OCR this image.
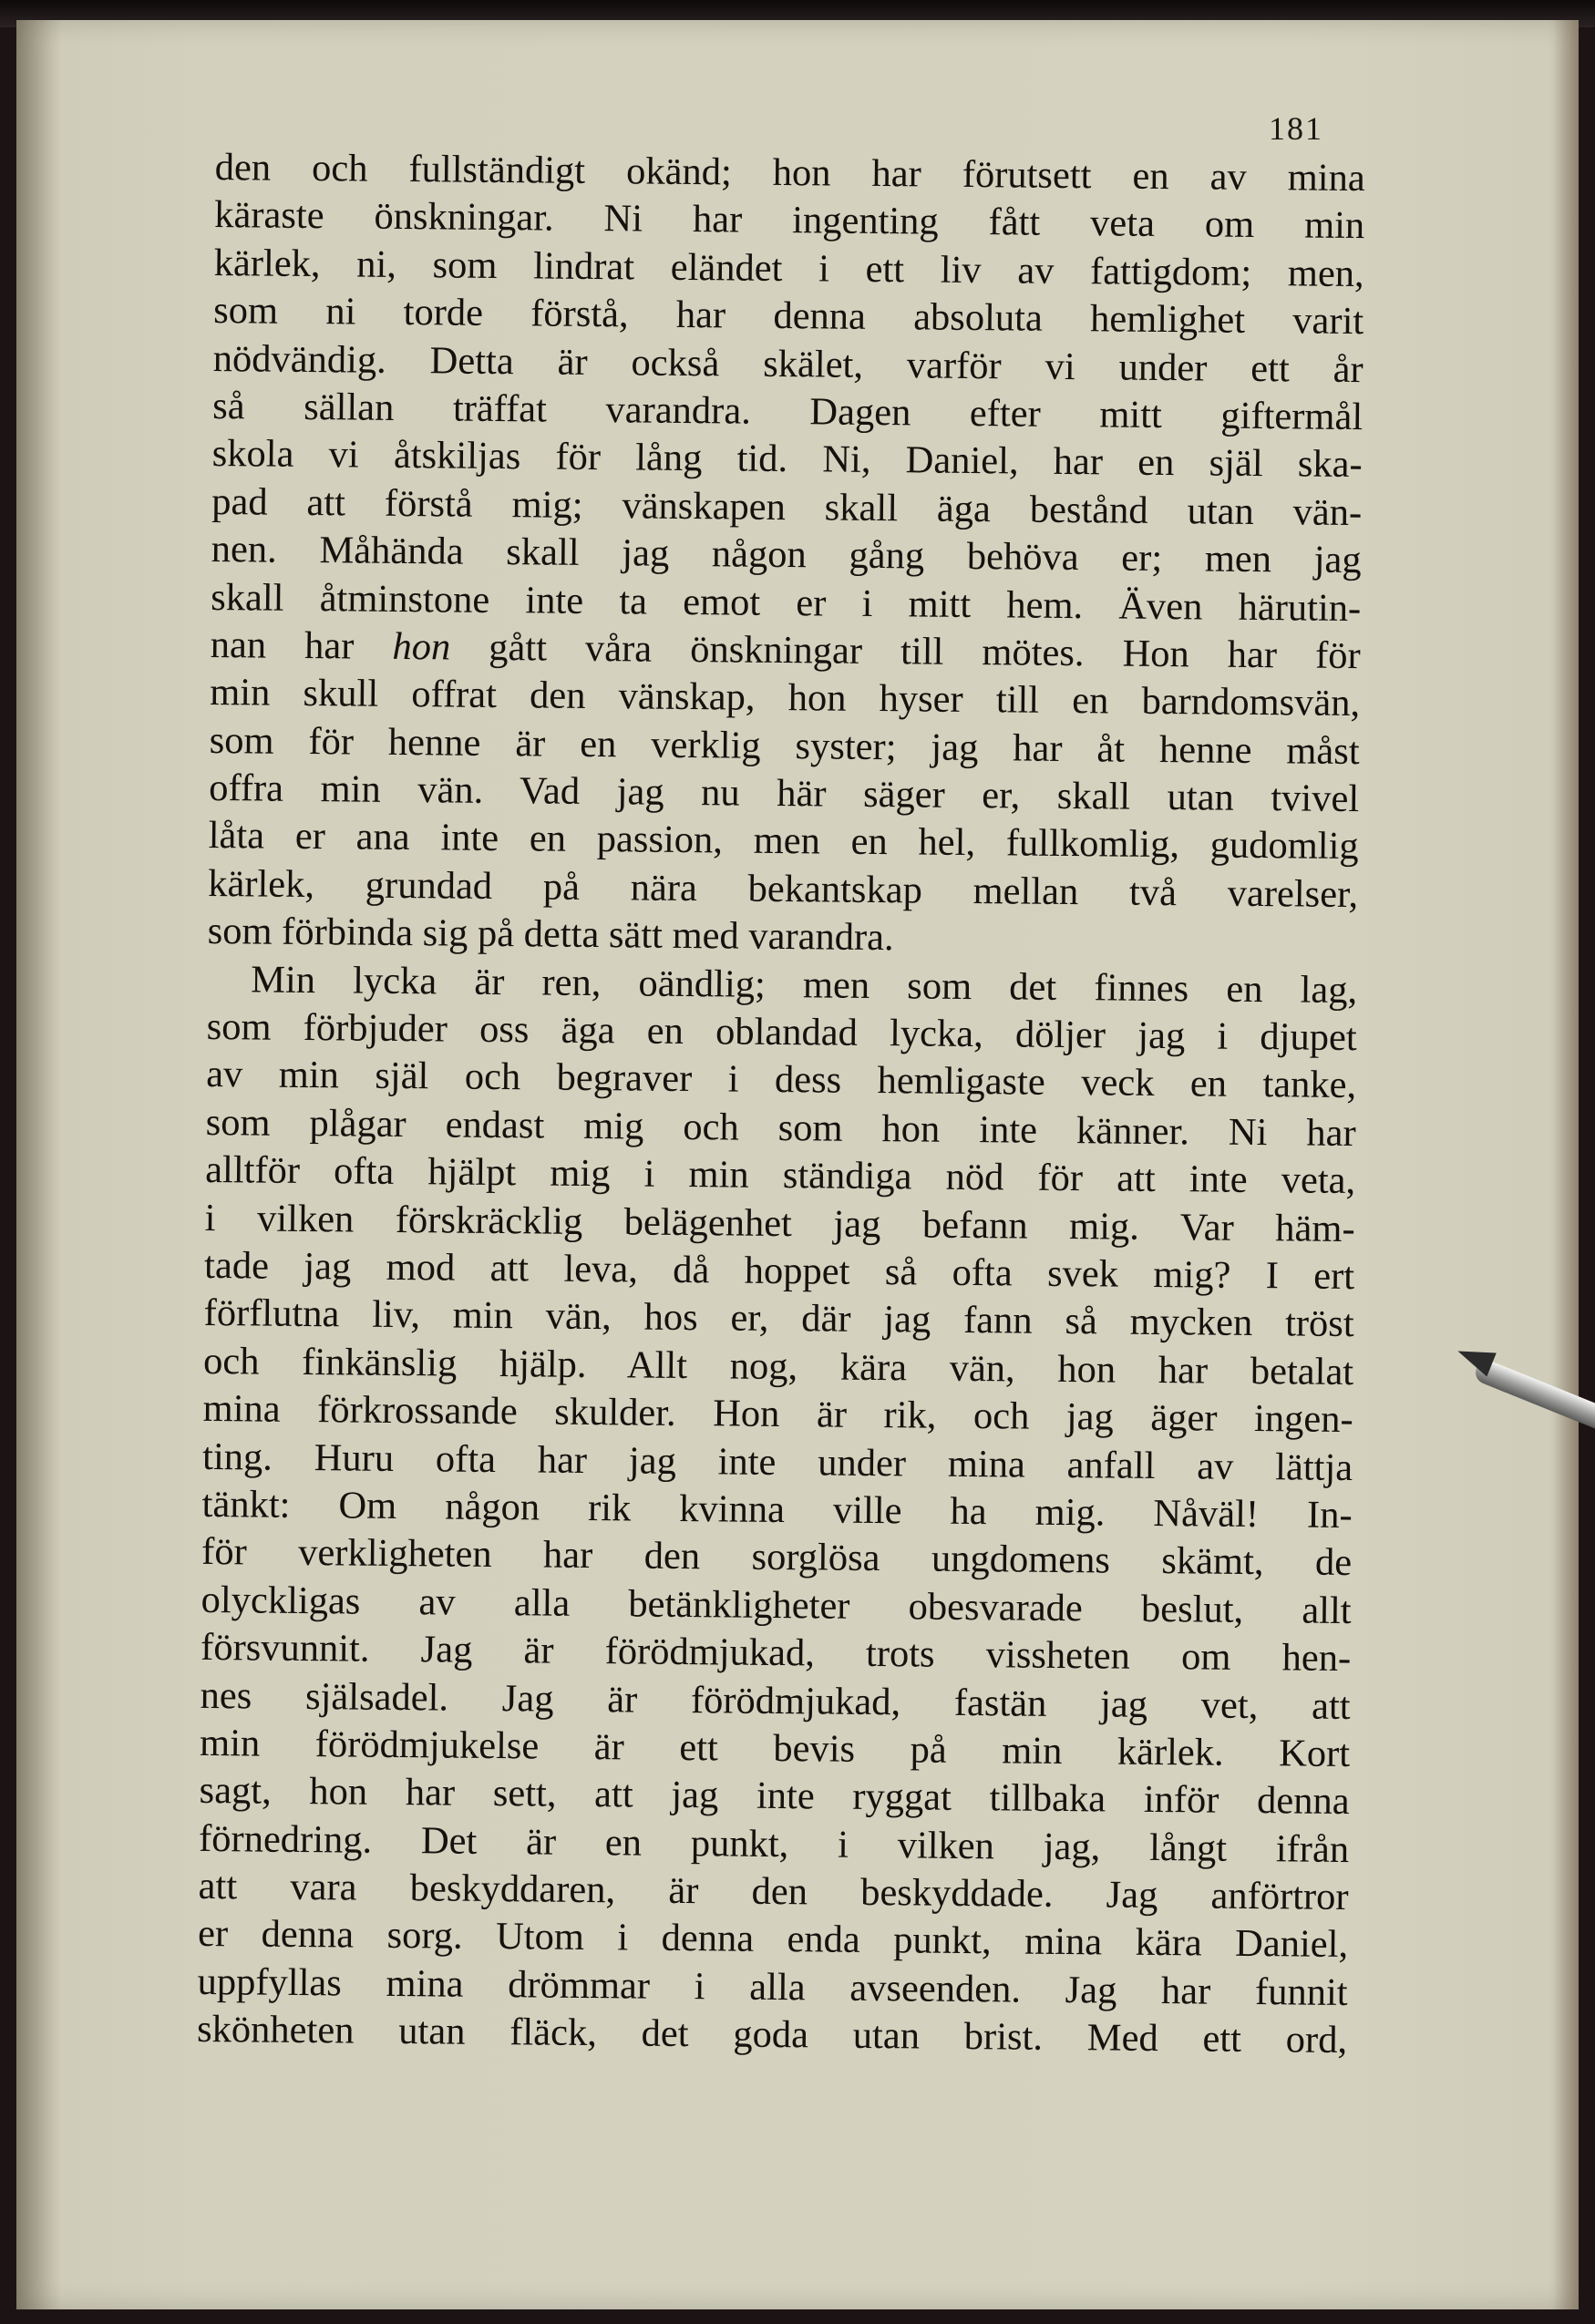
181
den och fullständigt okänd; hon har förutsett en av mina
käraste önskningar. Ni har ingenting fått veta om min
kärlek, ni, som lindrat eländet i ett liv av fattigdom; men,
som ni torde förstå, har denna absoluta hemlighet varit
nödvändig. Detta är också skälet, varför vi under ett år
så sällan träffat varandra. Dagen efter mitt giftermål
skola vi åtskiljas för lång tid. Ni, Daniel, har en själ ska-
pad att förstå mig; vänskapen skall äga bestånd utan vän-
nen. Måhända skall jag någon gång behöva er; men jag
skall åtminstone inte ta emot er i mitt hem. Även härutin-
nan har hon gått våra önskningar till mötes. Hon har för
min skull offrat den vänskap, hon hyser till en barndomsvän,
som för henne är en verklig syster; jag har åt henne måst
offra min vän. Vad jag nu här säger er, skall utan tvivel
låta er ana inte en passion, men en hel, fullkomlig, gudomlig
kärlek, grundad på nära bekantskap mellan två varelser,
som förbinda sig på detta sätt med varandra.
Min lycka är ren, oändlig; men som det finnes en lag,
som förbjuder oss äga en oblandad lycka, döljer jag i djupet
av min själ och begraver i dess hemligaste veck en tanke,
som plågar endast mig och som hon inte känner. Ni har
alltför ofta hjälpt mig i min ständiga nöd för att inte veta,
i vilken förskräcklig belägenhet jag befann mig. Var häm-
tade jag mod att leva, då hoppet så ofta svek mig? I ert
förflutna liv, min vän, hos er, där jag fann så mycken tröst
och finkänslig hjälp. Allt nog, kära vän, hon har betalat
mina förkrossande skulder. Hon är rik, och jag äger ingen-
ting. Huru ofta har jag inte under mina anfall av lättja
tänkt: Om någon rik kvinna ville ha mig. Nåväl! In-
för verkligheten har den sorglösa ungdomens skämt, de
olyckligas av alla betänkligheter obesvarade beslut, allt
försvunnit. Jag är förödmjukad, trots vissheten om hen-
nes själsadel. Jag är förödmjukad, fastän jag vet, att
min förödmjukelse är ett bevis på min kärlek. Kort
sagt, hon har sett, att jag inte ryggat tillbaka inför denna
förnedring. Det är en punkt, i vilken jag, långt ifrån
att vara beskyddaren, är den beskyddade. Jag anförtror
er denna sorg. Utom i denna enda punkt, mina kära Daniel,
uppfyllas mina drömmar i alla avseenden. Jag har funnit
skönheten utan fläck, det goda utan brist. Med ett ord,
